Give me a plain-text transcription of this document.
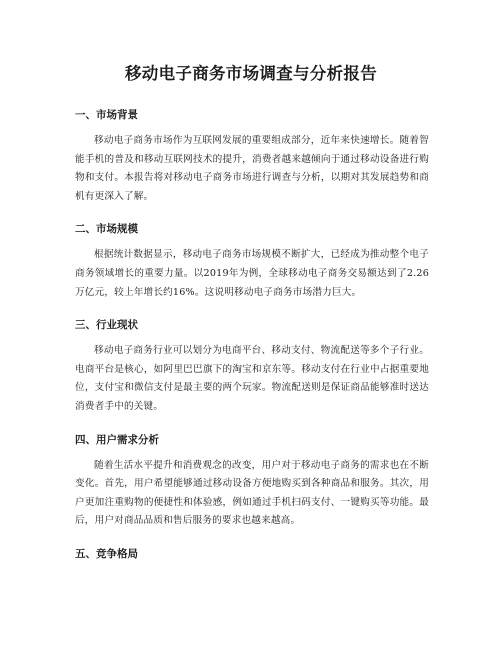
移动电子商务市场调查与分析报告
一、市场背景

移动电子商务市场作为互联网发展的重要组成部分，近年来快速增长。随着智能手机的普及和移动互联网技术的提升，消费者越来越倾向于通过移动设备进行购物和支付。本报告将对移动电子商务市场进行调查与分析，以期对其发展趋势和商机有更深入了解。

二、市场规模

根据统计数据显示，移动电子商务市场规模不断扩大，已经成为推动整个电子商务领域增长的重要力量。以2019年为例，全球移动电子商务交易额达到了2.26万亿元，较上年增长约16%。这说明移动电子商务市场潜力巨大。

三、行业现状

移动电子商务行业可以划分为电商平台、移动支付、物流配送等多个子行业。电商平台是核心，如阿里巴巴旗下的淘宝和京东等。移动支付在行业中占据重要地位，支付宝和微信支付是最主要的两个玩家。物流配送则是保证商品能够准时送达消费者手中的关键。

四、用户需求分析

随着生活水平提升和消费观念的改变，用户对于移动电子商务的需求也在不断变化。首先，用户希望能够通过移动设备方便地购买到各种商品和服务。其次，用户更加注重购物的便捷性和体验感，例如通过手机扫码支付、一键购买等功能。最后，用户对商品品质和售后服务的要求也越来越高。

五、竞争格局
